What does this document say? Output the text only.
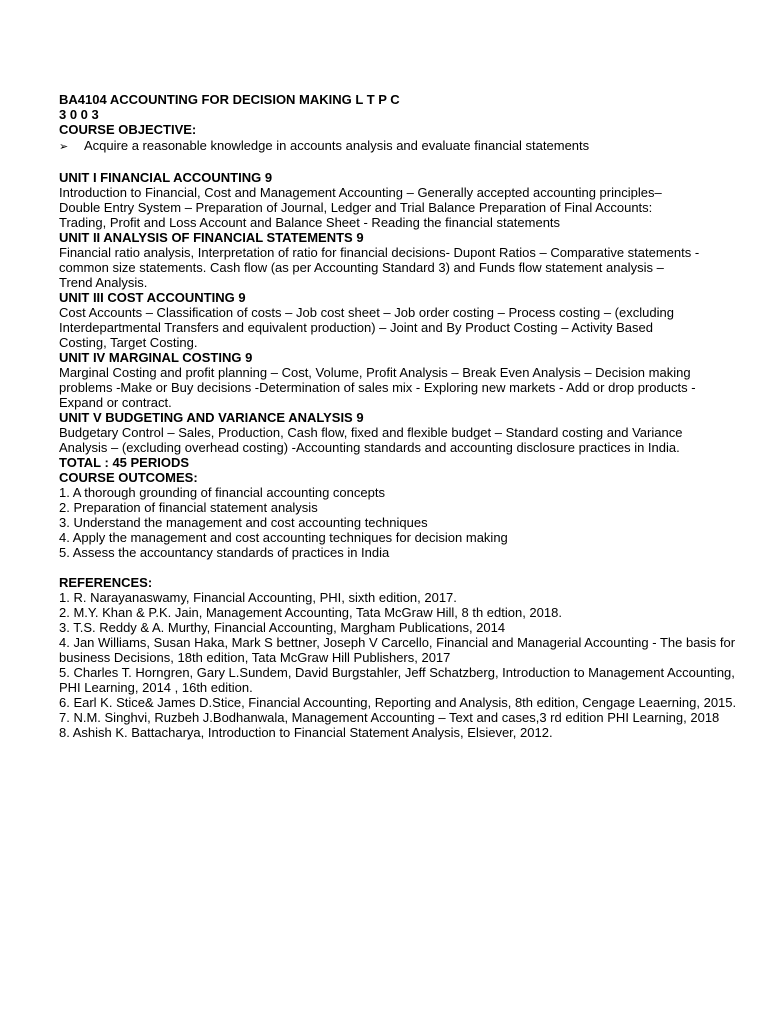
BA4104 ACCOUNTING FOR DECISION MAKING L T P C
3 0 0 3
COURSE OBJECTIVE:
➢ Acquire a reasonable knowledge in accounts analysis and evaluate financial statements
UNIT I FINANCIAL ACCOUNTING 9
Introduction to Financial, Cost and Management Accounting – Generally accepted accounting principles–
Double Entry System – Preparation of Journal, Ledger and Trial Balance Preparation of Final Accounts:
Trading, Profit and Loss Account and Balance Sheet - Reading the financial statements
UNIT II ANALYSIS OF FINANCIAL STATEMENTS 9
Financial ratio analysis, Interpretation of ratio for financial decisions- Dupont Ratios – Comparative statements -
common size statements. Cash flow (as per Accounting Standard 3) and Funds flow statement analysis –
Trend Analysis.
UNIT III COST ACCOUNTING 9
Cost Accounts – Classification of costs – Job cost sheet – Job order costing – Process costing – (excluding
Interdepartmental Transfers and equivalent production) – Joint and By Product Costing – Activity Based
Costing, Target Costing.
UNIT IV MARGINAL COSTING 9
Marginal Costing and profit planning – Cost, Volume, Profit Analysis – Break Even Analysis – Decision making
problems -Make or Buy decisions -Determination of sales mix - Exploring new markets - Add or drop products -
Expand or contract.
UNIT V BUDGETING AND VARIANCE ANALYSIS 9
Budgetary Control – Sales, Production, Cash flow, fixed and flexible budget – Standard costing and Variance
Analysis – (excluding overhead costing) -Accounting standards and accounting disclosure practices in India.
TOTAL : 45 PERIODS
COURSE OUTCOMES:
1. A thorough grounding of financial accounting concepts
2. Preparation of financial statement analysis
3. Understand the management and cost accounting techniques
4. Apply the management and cost accounting techniques for decision making
5. Assess the accountancy standards of practices in India
REFERENCES:
1. R. Narayanaswamy, Financial Accounting, PHI, sixth edition, 2017.
2. M.Y. Khan & P.K. Jain, Management Accounting, Tata McGraw Hill, 8 th edtion, 2018.
3. T.S. Reddy & A. Murthy, Financial Accounting, Margham Publications, 2014
4. Jan Williams, Susan Haka, Mark S bettner, Joseph V Carcello, Financial and Managerial Accounting - The basis for business Decisions, 18th edition, Tata McGraw Hill Publishers, 2017
5. Charles T. Horngren, Gary L.Sundem, David Burgstahler, Jeff Schatzberg, Introduction to Management Accounting, PHI Learning, 2014 , 16th edition.
6. Earl K. Stice& James D.Stice, Financial Accounting, Reporting and Analysis, 8th edition, Cengage Leaerning, 2015.
7. N.M. Singhvi, Ruzbeh J.Bodhanwala, Management Accounting – Text and cases,3 rd edition PHI Learning, 2018
8. Ashish K. Battacharya, Introduction to Financial Statement Analysis, Elsiever, 2012.
